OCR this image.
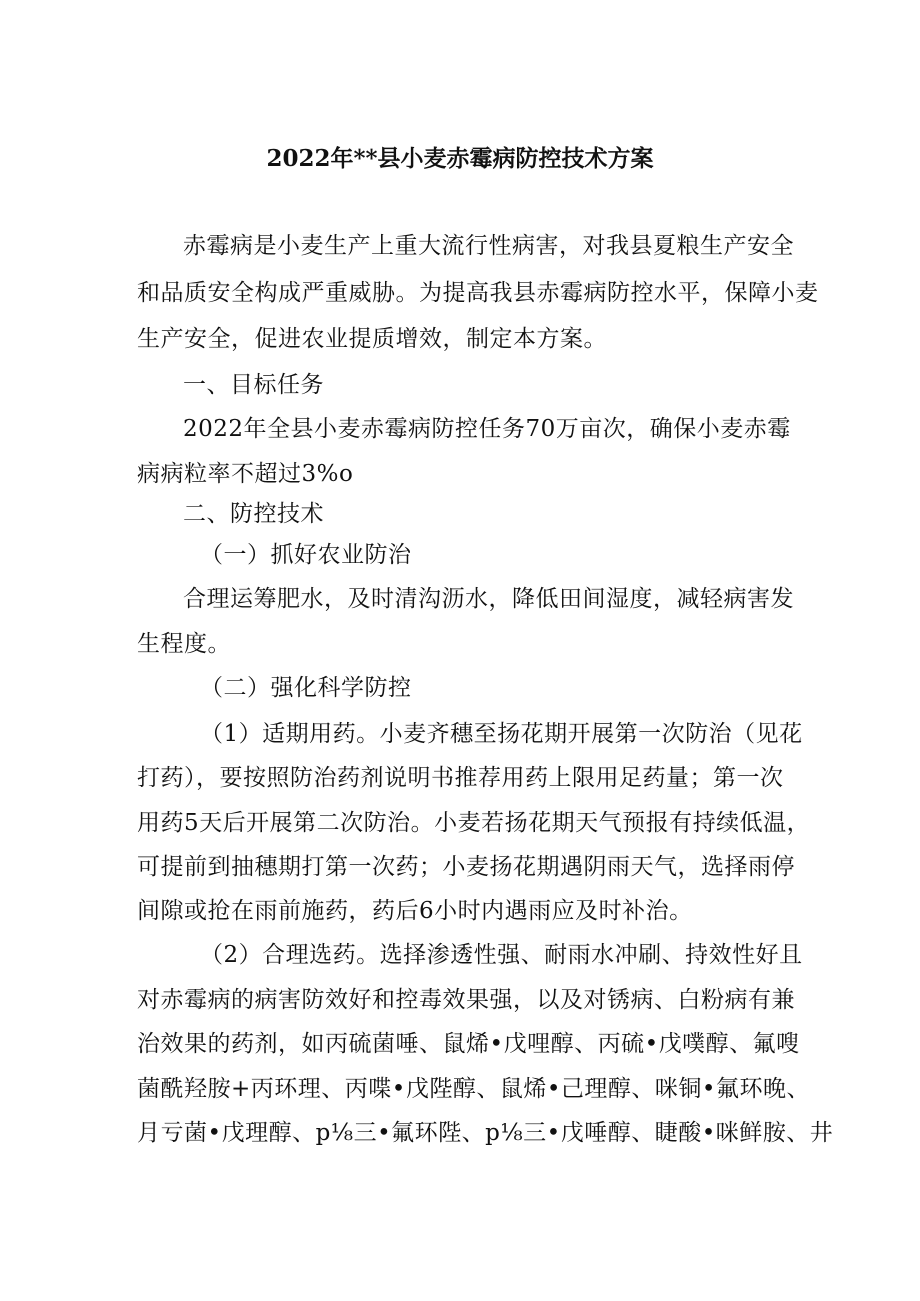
2022年**县小麦赤霉病防控技术方案
赤霉病是小麦生产上重大流行性病害，对我县夏粮生产安全
和品质安全构成严重威胁。为提高我县赤霉病防控水平，保障小麦
生产安全，促进农业提质增效，制定本方案。
一、目标任务
2022年全县小麦赤霉病防控任务70万亩次，确保小麦赤霉
病病粒率不超过3%o
二、防控技术
（一）抓好农业防治
合理运筹肥水，及时清沟沥水，降低田间湿度，减轻病害发
生程度。
（二）强化科学防控
（1）适期用药。小麦齐穗至扬花期开展第一次防治（见花
打药），要按照防治药剂说明书推荐用药上限用足药量；第一次
用药5天后开展第二次防治。小麦若扬花期天气预报有持续低温，
可提前到抽穗期打第一次药；小麦扬花期遇阴雨天气，选择雨停
间隙或抢在雨前施药，药后6小时内遇雨应及时补治。
（2）合理选药。选择渗透性强、耐雨水冲刷、持效性好且
对赤霉病的病害防效好和控毒效果强，以及对锈病、白粉病有兼
治效果的药剂，如丙硫菌唾、鼠烯•戊哩醇、丙硫•戊噗醇、氟嗖
菌酰羟胺+丙环理、丙喋•戊陛醇、鼠烯•己理醇、咪铜•氟环晚、
月亏菌•戊理醇、p⅛三•氟环陛、p⅛三•戊唾醇、睫酸•咪鲜胺、井
